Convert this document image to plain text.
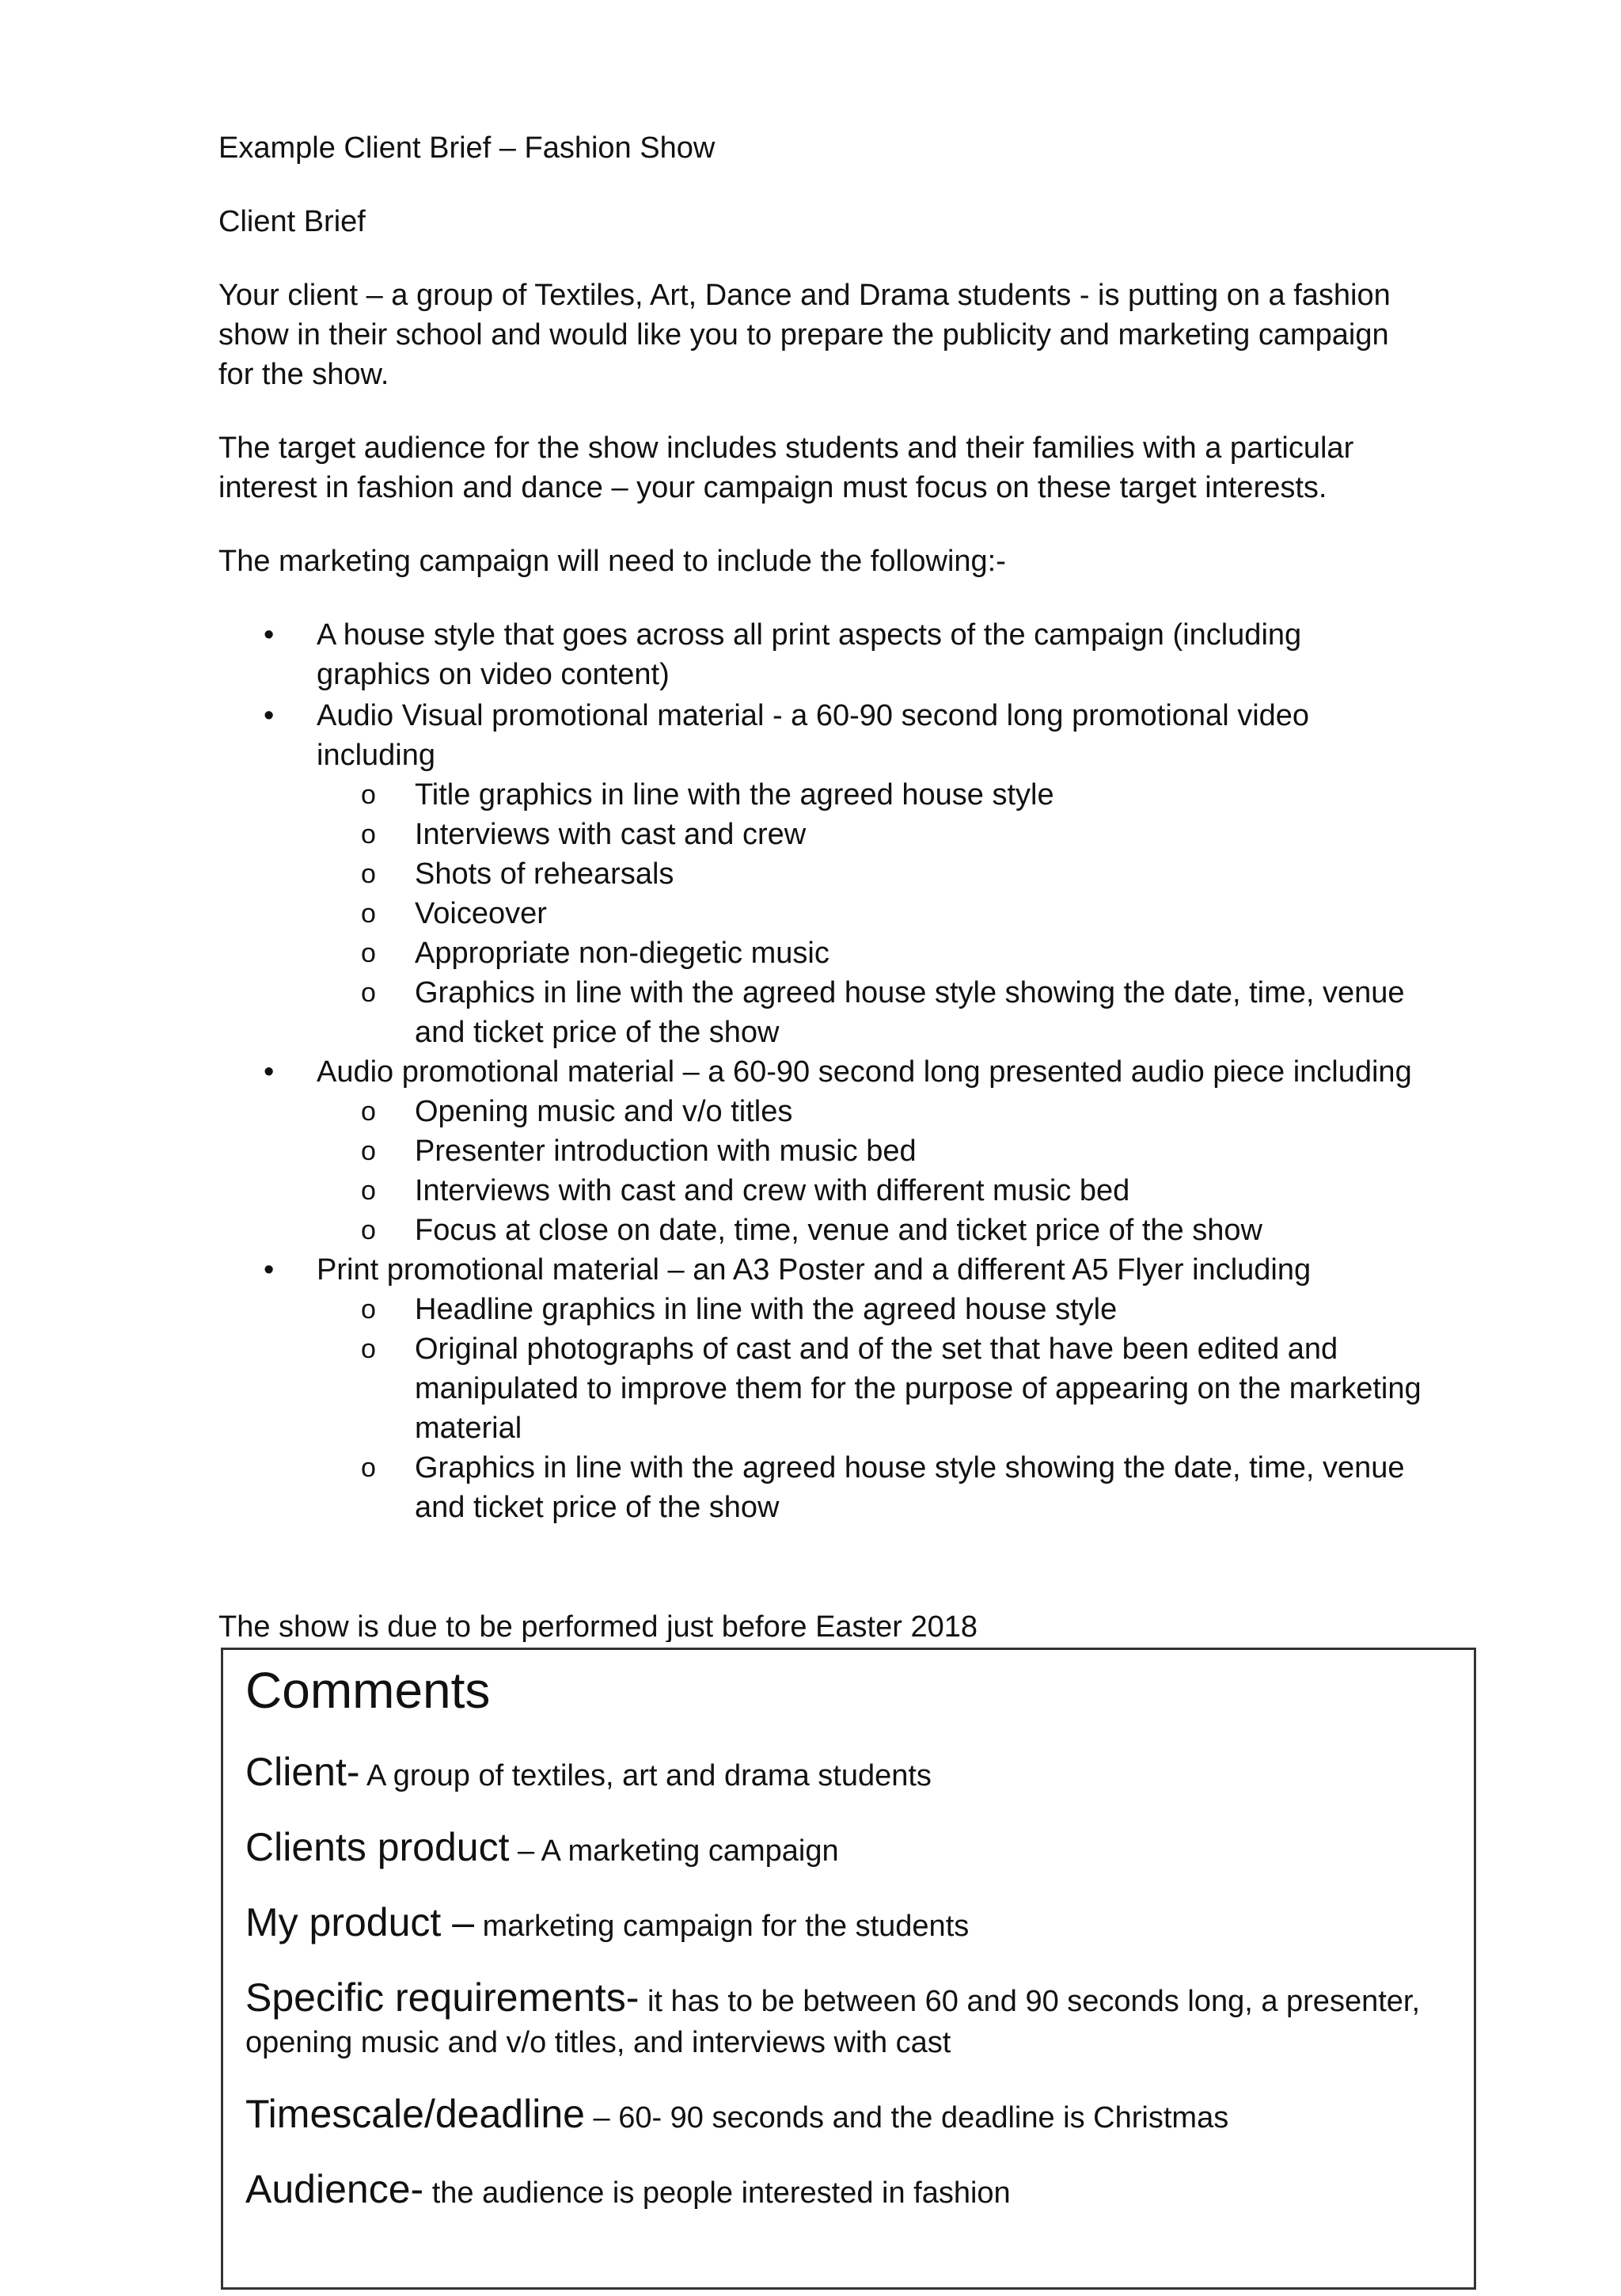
Example Client Brief – Fashion Show

Client Brief

Your client – a group of Textiles, Art, Dance and Drama students - is putting on a fashion show in their school and would like you to prepare the publicity and marketing campaign for the show.

The target audience for the show includes students and their families with a particular interest in fashion and dance – your campaign must focus on these target interests.

The marketing campaign will need to include the following:-

• A house style that goes across all print aspects of the campaign (including graphics on video content)
• Audio Visual promotional material - a 60-90 second long promotional video including
o Title graphics in line with the agreed house style
o Interviews with cast and crew
o Shots of rehearsals
o Voiceover
o Appropriate non-diegetic music
o Graphics in line with the agreed house style showing the date, time, venue and ticket price of the show
• Audio promotional material – a 60-90 second long presented audio piece including
o Opening music and v/o titles
o Presenter introduction with music bed
o Interviews with cast and crew with different music bed
o Focus at close on date, time, venue and ticket price of the show
• Print promotional material – an A3 Poster and a different A5 Flyer including
o Headline graphics in line with the agreed house style
o Original photographs of cast and of the set that have been edited and manipulated to improve them for the purpose of appearing on the marketing material
o Graphics in line with the agreed house style showing the date, time, venue and ticket price of the show

The show is due to be performed just before Easter 2018

Comments

Client- A group of textiles, art and drama students

Clients product – A marketing campaign

My product – marketing campaign for the students

Specific requirements- it has to be between 60 and 90 seconds long, a presenter, opening music and v/o titles, and interviews with cast

Timescale/deadline – 60- 90 seconds and the deadline is Christmas

Audience- the audience is people interested in fashion
